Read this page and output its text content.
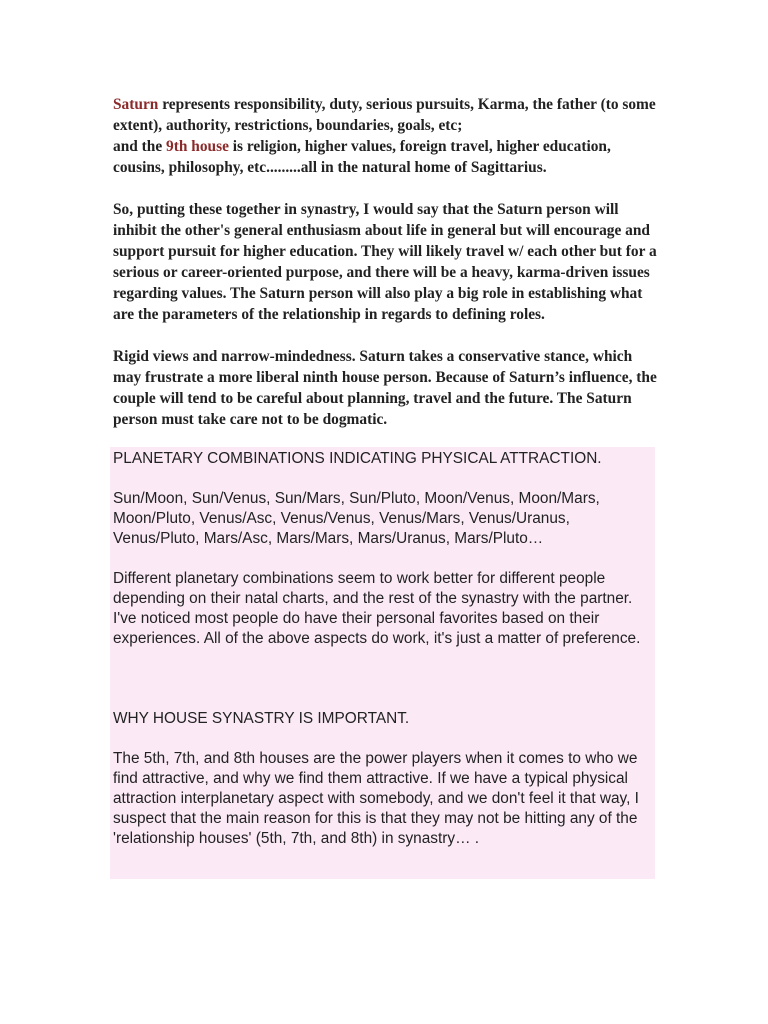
Saturn represents responsibility, duty, serious pursuits, Karma, the father (to some extent), authority, restrictions, boundaries, goals, etc;
and the 9th house is religion, higher values, foreign travel, higher education, cousins, philosophy, etc.........all in the natural home of Sagittarius.

So, putting these together in synastry, I would say that the Saturn person will inhibit the other's general enthusiasm about life in general but will encourage and support pursuit for higher education. They will likely travel w/ each other but for a serious or career-oriented purpose, and there will be a heavy, karma-driven issues regarding values. The Saturn person will also play a big role in establishing what are the parameters of the relationship in regards to defining roles.

Rigid views and narrow-mindedness. Saturn takes a conservative stance, which may frustrate a more liberal ninth house person. Because of Saturn’s influence, the couple will tend to be careful about planning, travel and the future. The Saturn person must take care not to be dogmatic.

PLANETARY COMBINATIONS INDICATING PHYSICAL ATTRACTION.

Sun/Moon, Sun/Venus, Sun/Mars, Sun/Pluto, Moon/Venus, Moon/Mars, Moon/Pluto, Venus/Asc, Venus/Venus, Venus/Mars, Venus/Uranus, Venus/Pluto, Mars/Asc, Mars/Mars, Mars/Uranus, Mars/Pluto…

Different planetary combinations seem to work better for different people depending on their natal charts, and the rest of the synastry with the partner. I've noticed most people do have their personal favorites based on their experiences. All of the above aspects do work, it's just a matter of preference.

WHY HOUSE SYNASTRY IS IMPORTANT.

The 5th, 7th, and 8th houses are the power players when it comes to who we find attractive, and why we find them attractive. If we have a typical physical attraction interplanetary aspect with somebody, and we don't feel it that way, I suspect that the main reason for this is that they may not be hitting any of the 'relationship houses' (5th, 7th, and 8th) in synastry… .
